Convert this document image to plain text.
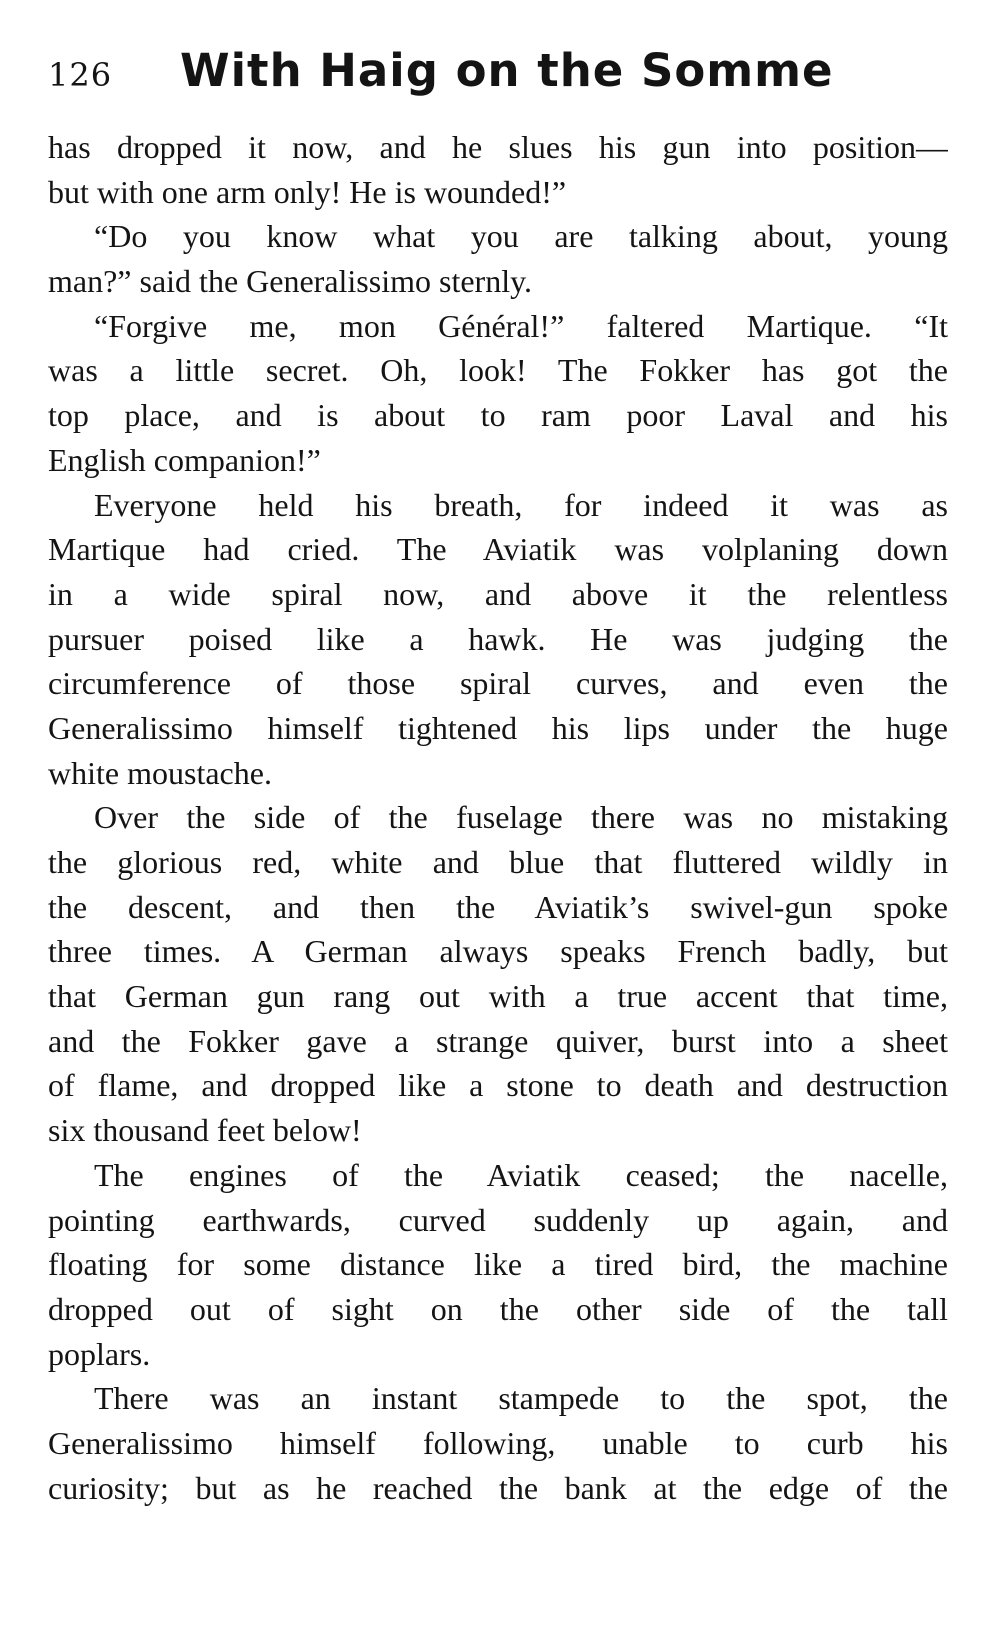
126 With Haig on the Somme
has dropped it now, and he slues his gun into position—
but with one arm only! He is wounded!”
“Do you know what you are talking about, young
man?” said the Generalissimo sternly.
“Forgive me, mon Général!” faltered Martique. “It
was a little secret. Oh, look! The Fokker has got the
top place, and is about to ram poor Laval and his
English companion!”
Everyone held his breath, for indeed it was as
Martique had cried. The Aviatik was volplaning down
in a wide spiral now, and above it the relentless
pursuer poised like a hawk. He was judging the
circumference of those spiral curves, and even the
Generalissimo himself tightened his lips under the huge
white moustache.
Over the side of the fuselage there was no mistaking
the glorious red, white and blue that fluttered wildly in
the descent, and then the Aviatik’s swivel-gun spoke
three times. A German always speaks French badly, but
that German gun rang out with a true accent that time,
and the Fokker gave a strange quiver, burst into a sheet
of flame, and dropped like a stone to death and destruction
six thousand feet below!
The engines of the Aviatik ceased; the nacelle,
pointing earthwards, curved suddenly up again, and
floating for some distance like a tired bird, the machine
dropped out of sight on the other side of the tall
poplars.
There was an instant stampede to the spot, the
Generalissimo himself following, unable to curb his
curiosity; but as he reached the bank at the edge of the
